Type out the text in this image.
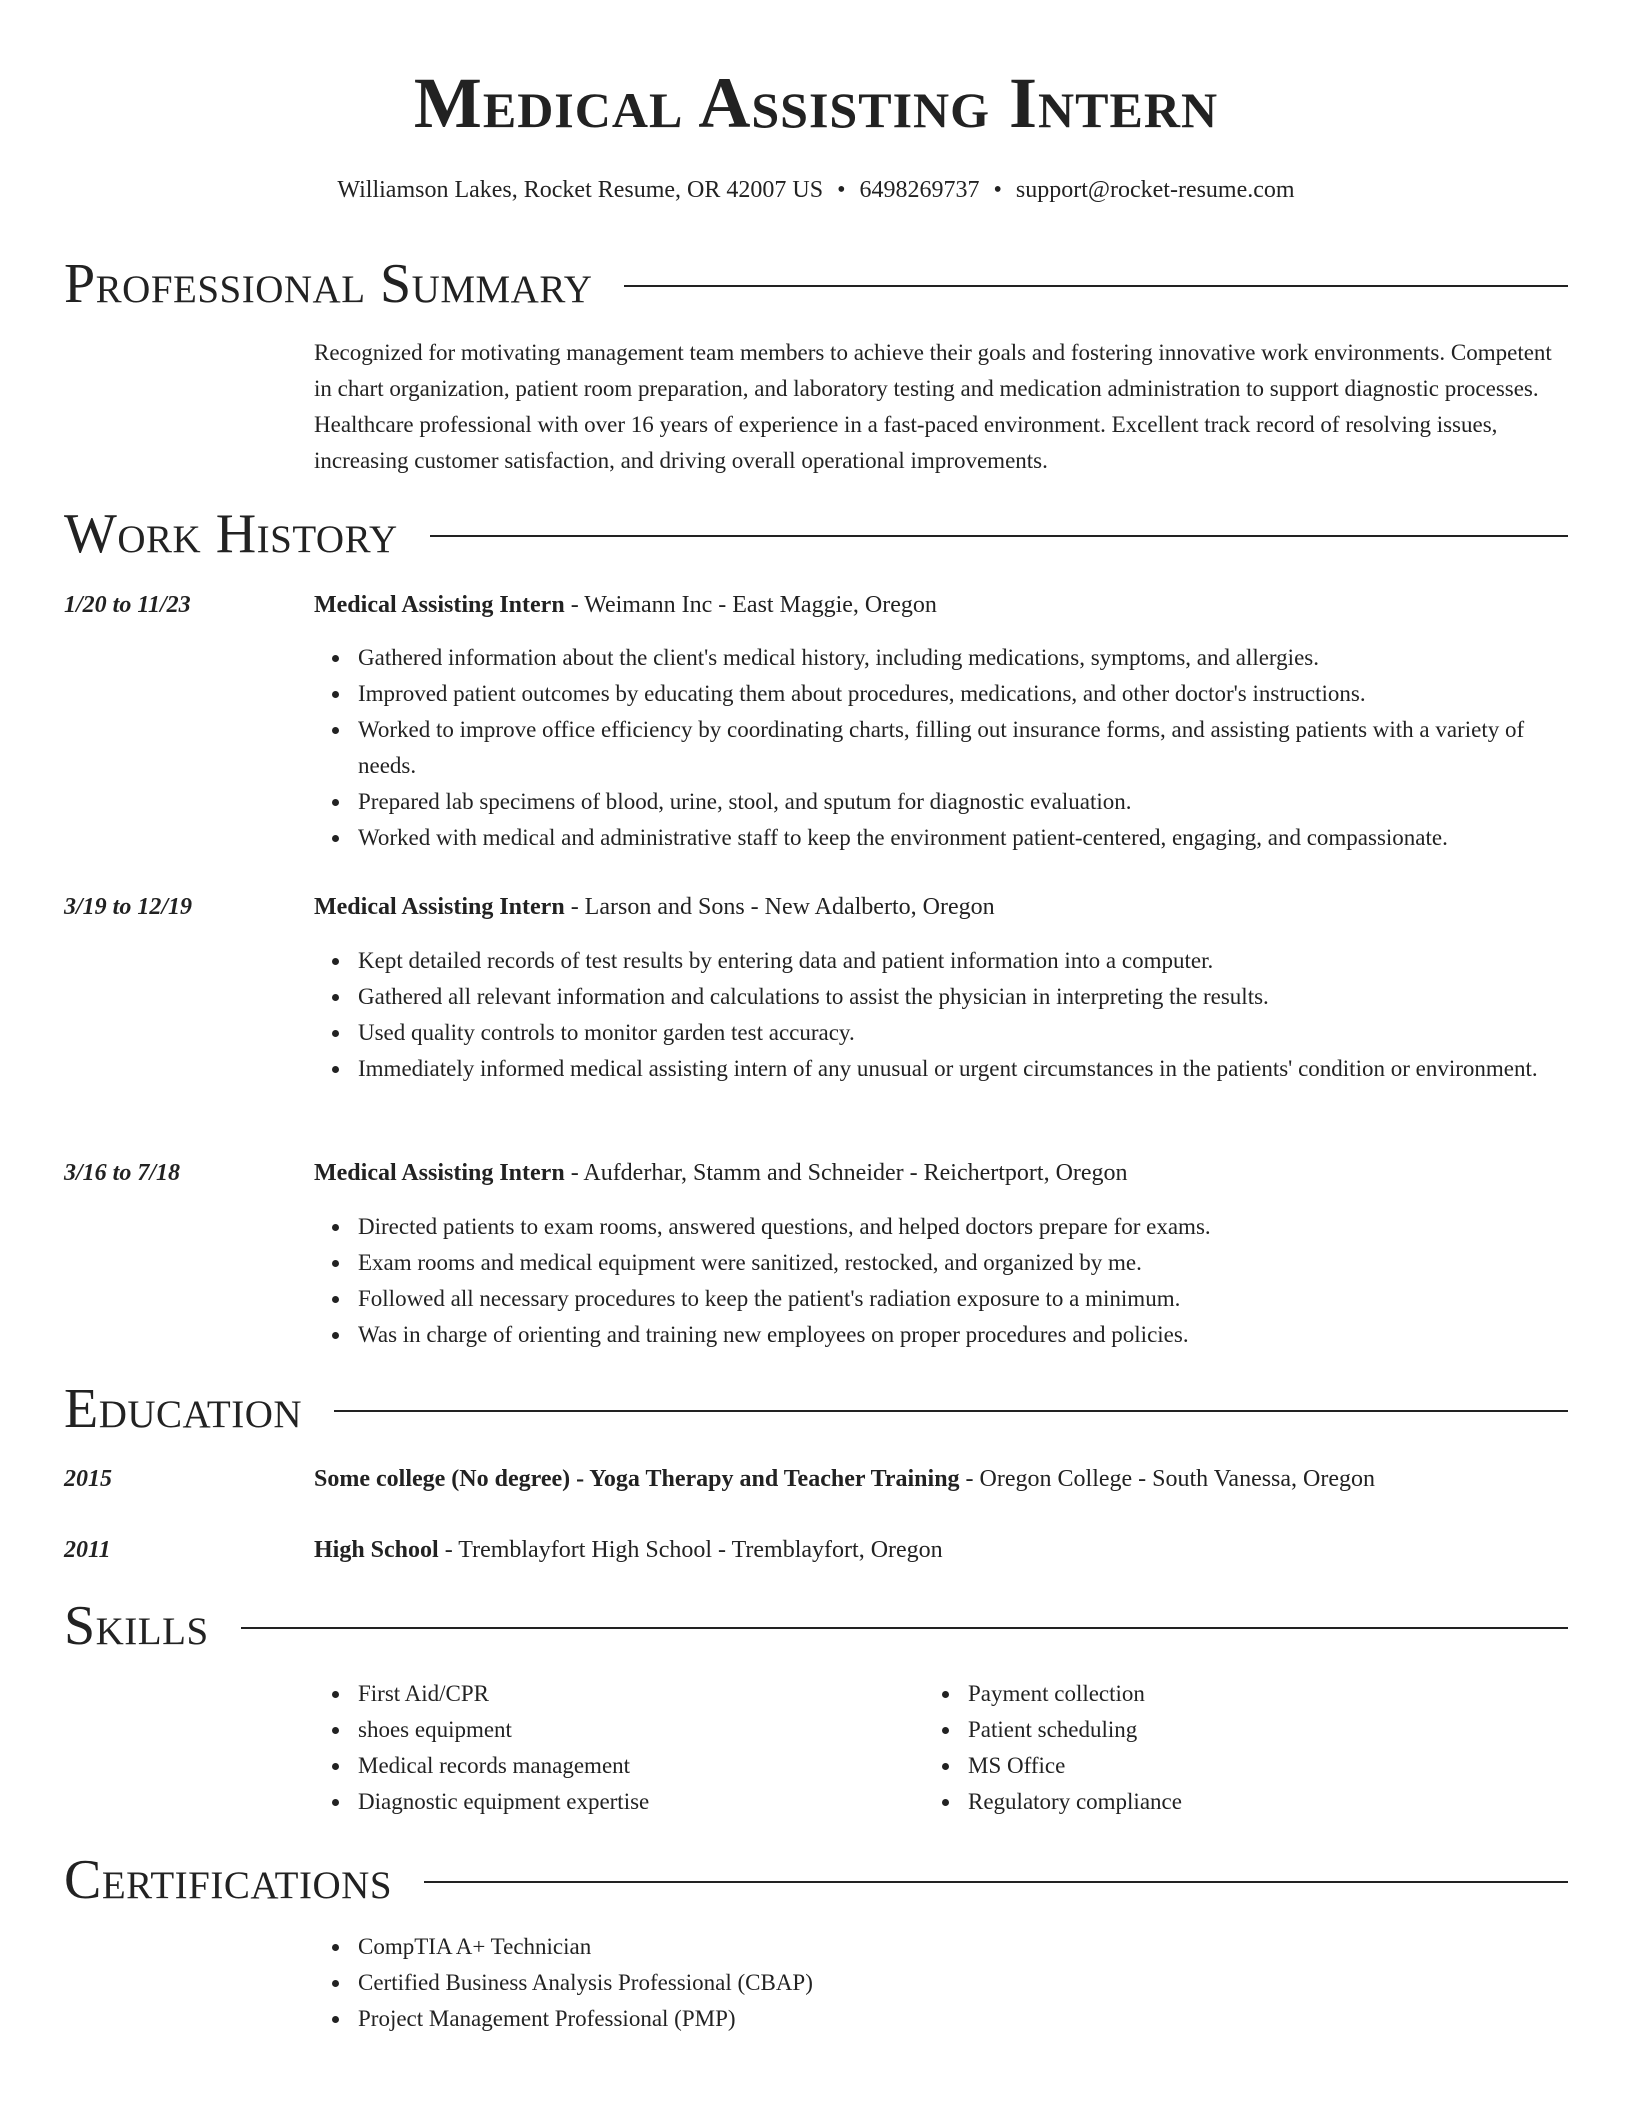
Medical Assisting Intern
Williamson Lakes, Rocket Resume, OR 42007 US • 6498269737 • support@rocket-resume.com
Professional Summary

Recognized for motivating management team members to achieve their goals and fostering innovative work environments. Competent in chart organization, patient room preparation, and laboratory testing and medication administration to support diagnostic processes. Healthcare professional with over 16 years of experience in a fast-paced environment. Excellent track record of resolving issues, increasing customer satisfaction, and driving overall operational improvements.

Work History
1/20 to 11/23	Medical Assisting Intern - Weimann Inc - East Maggie, Oregon
Gathered information about the client's medical history, including medications, symptoms, and allergies.
Improved patient outcomes by educating them about procedures, medications, and other doctor's instructions.
Worked to improve office efficiency by coordinating charts, filling out insurance forms, and assisting patients with a variety of needs.
Prepared lab specimens of blood, urine, stool, and sputum for diagnostic evaluation.
Worked with medical and administrative staff to keep the environment patient-centered, engaging, and compassionate.
3/19 to 12/19	Medical Assisting Intern - Larson and Sons - New Adalberto, Oregon
Kept detailed records of test results by entering data and patient information into a computer.
Gathered all relevant information and calculations to assist the physician in interpreting the results.
Used quality controls to monitor garden test accuracy.
Immediately informed medical assisting intern of any unusual or urgent circumstances in the patients' condition or environment.
3/16 to 7/18	Medical Assisting Intern - Aufderhar, Stamm and Schneider - Reichertport, Oregon
Directed patients to exam rooms, answered questions, and helped doctors prepare for exams.
Exam rooms and medical equipment were sanitized, restocked, and organized by me.
Followed all necessary procedures to keep the patient's radiation exposure to a minimum.
Was in charge of orienting and training new employees on proper procedures and policies.
Education
2015	Some college (No degree) - Yoga Therapy and Teacher Training - Oregon College - South Vanessa, Oregon
2011	High School - Tremblayfort High School - Tremblayfort, Oregon
Skills
First Aid/CPR
shoes equipment
Medical records management
Diagnostic equipment expertise
Payment collection
Patient scheduling
MS Office
Regulatory compliance
Certifications
CompTIA A+ Technician
Certified Business Analysis Professional (CBAP)
Project Management Professional (PMP)
